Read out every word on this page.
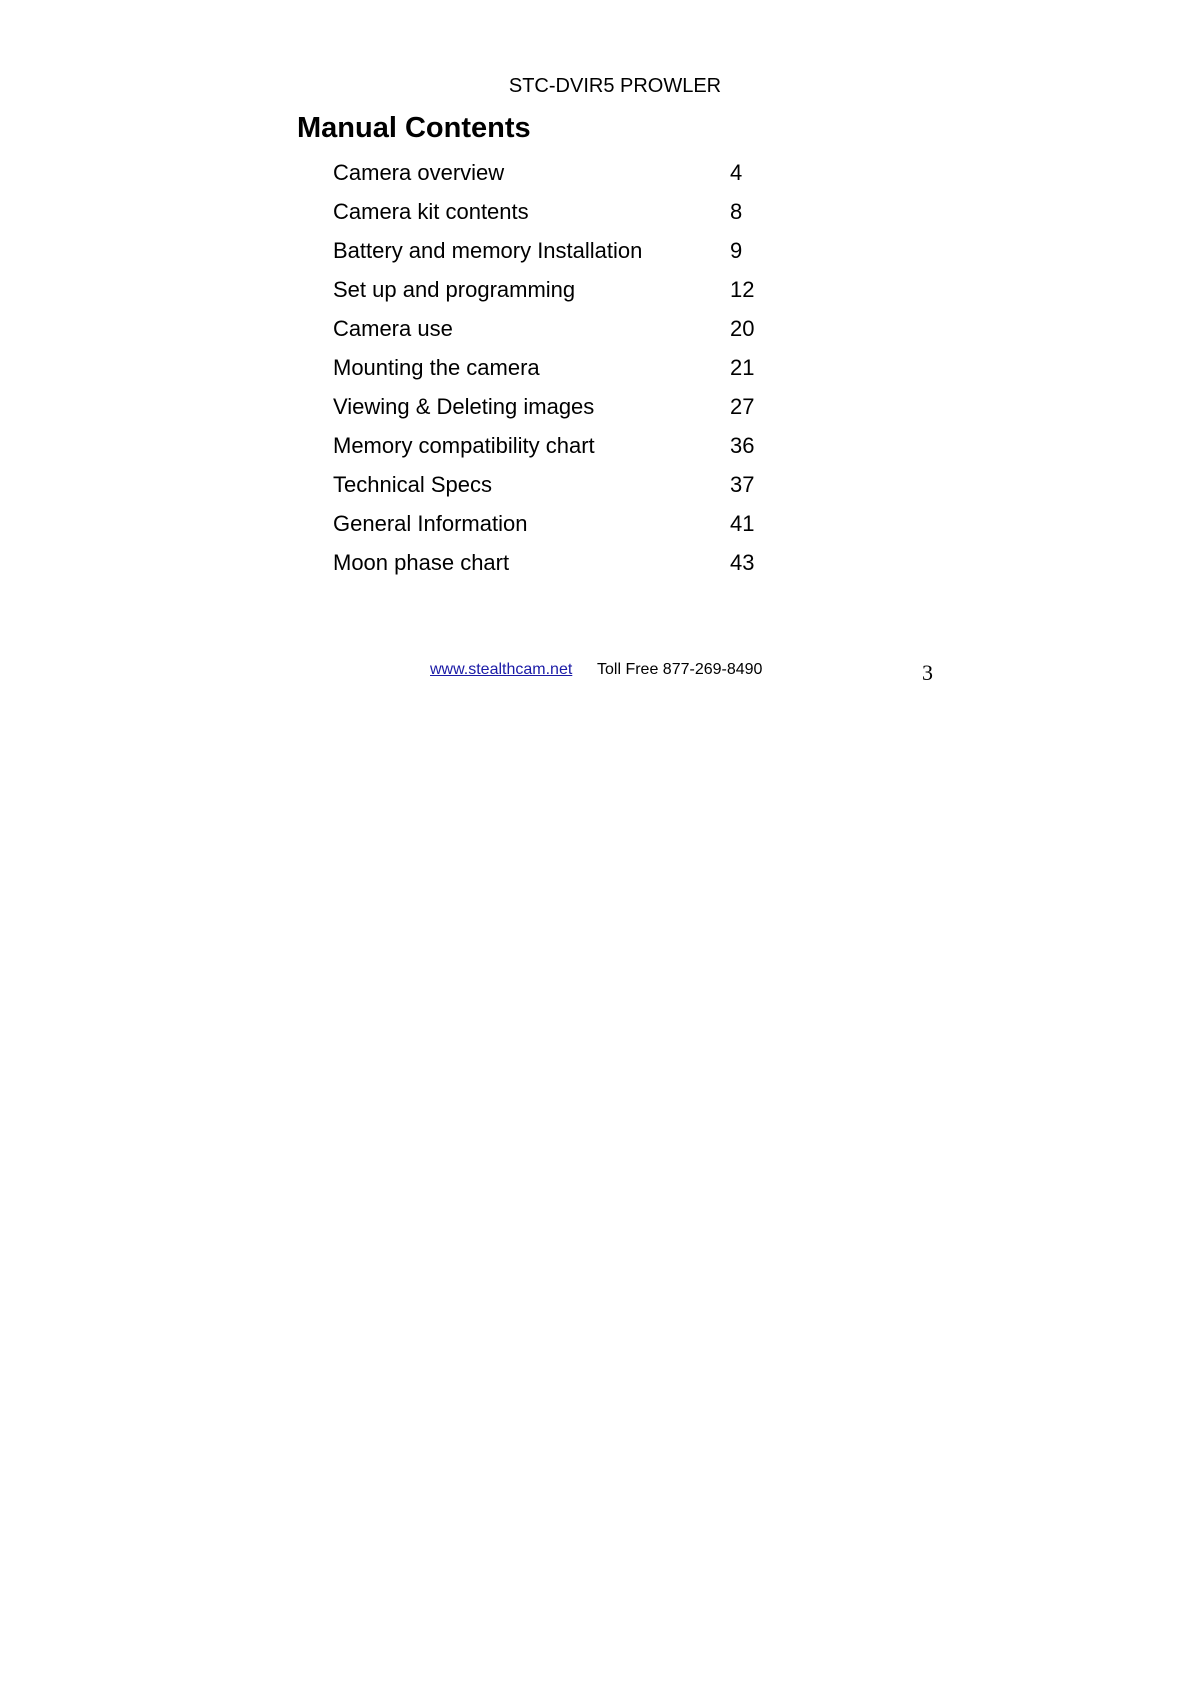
STC-DVIR5 PROWLER
Manual Contents
Camera overview	4
Camera kit contents	8
Battery and memory Installation	9
Set up and programming	12
Camera use	20
Mounting the camera	21
Viewing & Deleting images	27
Memory compatibility chart	36
Technical Specs	37
General Information	41
Moon phase chart	43
www.stealthcam.net Toll Free 877-269-8490	3
